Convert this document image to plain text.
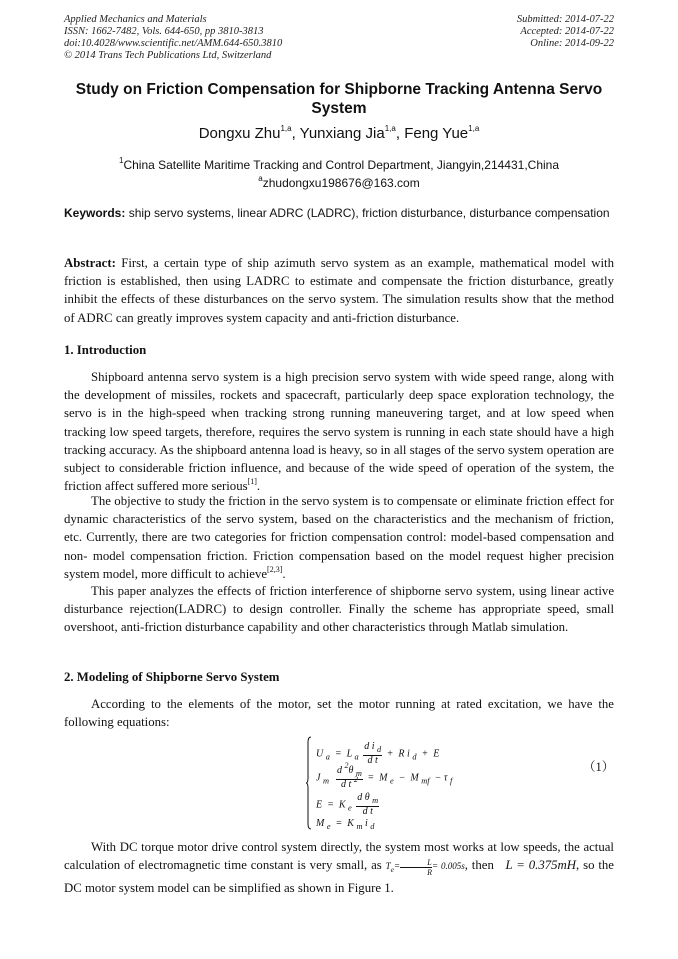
Applied Mechanics and Materials
ISSN: 1662-7482, Vols. 644-650, pp 3810-3813
doi:10.4028/www.scientific.net/AMM.644-650.3810
© 2014 Trans Tech Publications Ltd, Switzerland
Submitted: 2014-07-22
Accepted: 2014-07-22
Online: 2014-09-22
Study on Friction Compensation for Shipborne Tracking Antenna Servo System
Dongxu Zhu$^{1,a}$, Yunxiang Jia$^{1,a}$, Feng Yue$^{1,a}$
$^1$China Satellite Maritime Tracking and Control Department, Jiangyin,214431,China
$^a$zhudongxu198676@163.com
Keywords: ship servo systems, linear ADRC (LADRC), friction disturbance, disturbance compensation
Abstract: First, a certain type of ship azimuth servo system as an example, mathematical model with friction is established, then using LADRC to estimate and compensate the friction disturbance, greatly inhibit the effects of these disturbances on the servo system. The simulation results show that the method of ADRC can greatly improves system capacity and anti-friction disturbance.
1. Introduction
Shipboard antenna servo system is a high precision servo system with wide speed range, along with the development of missiles, rockets and spacecraft, particularly deep space exploration technology, the servo is in the high-speed when tracking strong running maneuvering target, and at low speed when tracking low speed targets, therefore, requires the servo system is running in each state should have a high tracking accuracy. As the shipboard antenna load is heavy, so in all stages of the servo system operation are subject to considerable friction influence, and because of the wide speed of operation of the system, the friction affect suffered more serious[1].
The objective to study the friction in the servo system is to compensate or eliminate friction effect for dynamic characteristics of the servo system, based on the characteristics and the mechanism of friction, etc. Currently, there are two categories for friction compensation control: model-based compensation and non- model compensation friction. Friction compensation based on the model request higher precision system model, more difficult to achieve[2,3].
This paper analyzes the effects of friction interference of shipborne servo system, using linear active disturbance rejection(LADRC) to design controller. Finally the scheme has appropriate speed, small overshoot, anti-friction disturbance capability and other characteristics through Matlab simulation.
2. Modeling of Shipborne Servo System
According to the elements of the motor, set the motor running at rated excitation, we have the following equations:
U $_a$  =  L $_a \frac{d i _d}{\text{d t}} + R$ i $_d$  +  E
J $_m \frac{d ^2\theta _m}{d t ^2} = M$ $_e$  −  M $_{mf}$  − τ $_f$
E  =  K $_e \frac{d \theta _m}{\text{d t}}$
M $_e$  =  K $_m$ i $_d$
（1）
With DC torque motor drive control system directly, the system most works at low speeds, the actual calculation of electromagnetic time constant is very small, as $T_e= \frac{L}{R} = 0.005s$, then L = 0.375mH, so the DC motor system model can be simplified as shown in Figure 1.
